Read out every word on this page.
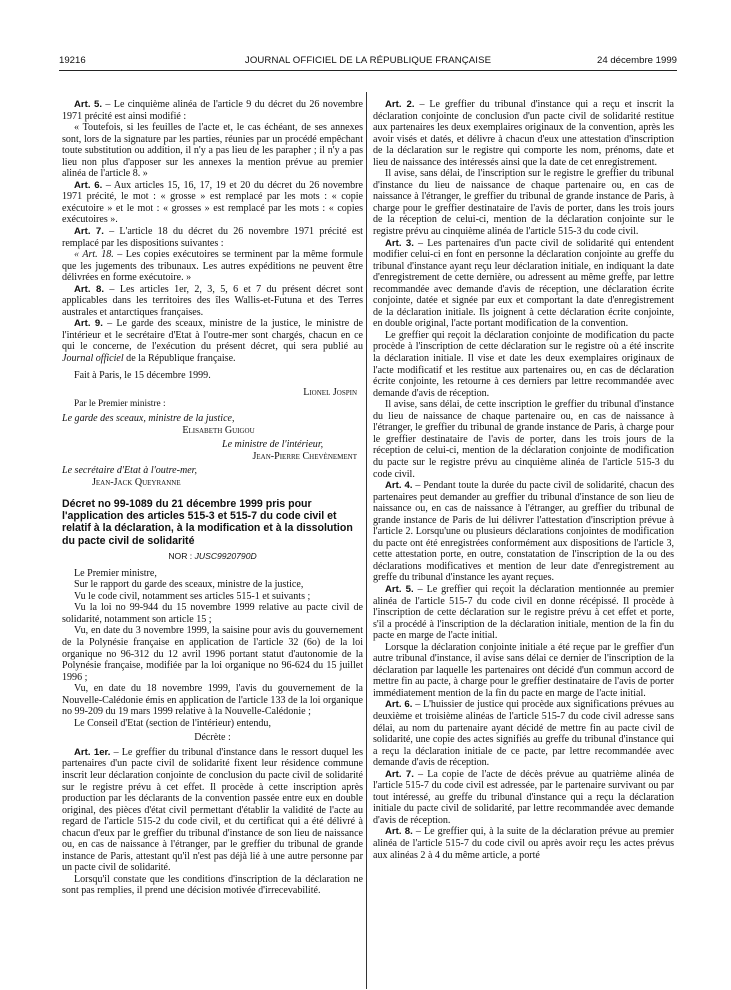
19216	JOURNAL OFFICIEL DE LA RÉPUBLIQUE FRANÇAISE	24 décembre 1999

Art. 5. – Le cinquième alinéa de l'article 9 du décret du 26 novembre 1971 précité est ainsi modifié :

« Toutefois, si les feuilles de l'acte et, le cas échéant, de ses annexes sont, lors de la signature par les parties, réunies par un procédé empêchant toute substitution ou addition, il n'y a pas lieu de les parapher ; il n'y a pas lieu non plus d'apposer sur les annexes la mention prévue au premier alinéa de l'article 8. »

Art. 6. – Aux articles 15, 16, 17, 19 et 20 du décret du 26 novembre 1971 précité, le mot : « grosse » est remplacé par les mots : « copie exécutoire » et le mot : « grosses » est remplacé par les mots : « copies exécutoires ».

Art. 7. – L'article 18 du décret du 26 novembre 1971 précité est remplacé par les dispositions suivantes :

« Art. 18. – Les copies exécutoires se terminent par la même formule que les jugements des tribunaux. Les autres expéditions ne peuvent être délivrées en forme exécutoire. »

Art. 8. – Les articles 1er, 2, 3, 5, 6 et 7 du présent décret sont applicables dans les territoires des îles Wallis-et-Futuna et des Terres australes et antarctiques françaises.

Art. 9. – Le garde des sceaux, ministre de la justice, le ministre de l'intérieur et le secrétaire d'Etat à l'outre-mer sont chargés, chacun en ce qui le concerne, de l'exécution du présent décret, qui sera publié au Journal officiel de la République française.

Fait à Paris, le 15 décembre 1999.

Lionel Jospin

Par le Premier ministre :

Le garde des sceaux, ministre de la justice,

Elisabeth Guigou

Le ministre de l'intérieur,

Jean-Pierre Chevènement

Le secrétaire d'Etat à l'outre-mer,

Jean-Jack Queyranne

Décret no 99-1089 du 21 décembre 1999 pris pour l'application des articles 515-3 et 515-7 du code civil et relatif à la déclaration, à la modification et à la dissolution du pacte civil de solidarité

NOR : JUSC9920790D

Le Premier ministre,

Sur le rapport du garde des sceaux, ministre de la justice,

Vu le code civil, notamment ses articles 515-1 et suivants ;

Vu la loi no 99-944 du 15 novembre 1999 relative au pacte civil de solidarité, notamment son article 15 ;

Vu, en date du 3 novembre 1999, la saisine pour avis du gouvernement de la Polynésie française en application de l'article 32 (6o) de la loi organique no 96-312 du 12 avril 1996 portant statut d'autonomie de la Polynésie française, modifiée par la loi organique no 96-624 du 15 juillet 1996 ;

Vu, en date du 18 novembre 1999, l'avis du gouvernement de la Nouvelle-Calédonie émis en application de l'article 133 de la loi organique no 99-209 du 19 mars 1999 relative à la Nouvelle-Calédonie ;

Le Conseil d'Etat (section de l'intérieur) entendu,

Décrète :

Art. 1er. – Le greffier du tribunal d'instance dans le ressort duquel les partenaires d'un pacte civil de solidarité fixent leur résidence commune inscrit leur déclaration conjointe de conclusion du pacte civil de solidarité sur le registre prévu à cet effet. Il procède à cette inscription après production par les déclarants de la convention passée entre eux en double original, des pièces d'état civil permettant d'établir la validité de l'acte au regard de l'article 515-2 du code civil, et du certificat qui a été délivré à chacun d'eux par le greffier du tribunal d'instance de son lieu de naissance ou, en cas de naissance à l'étranger, par le greffier du tribunal de grande instance de Paris, attestant qu'il n'est pas déjà lié à une autre personne par un pacte civil de solidarité.

Lorsqu'il constate que les conditions d'inscription de la déclaration ne sont pas remplies, il prend une décision motivée d'irrecevabilité.

Art. 2. – Le greffier du tribunal d'instance qui a reçu et inscrit la déclaration conjointe de conclusion d'un pacte civil de solidarité restitue aux partenaires les deux exemplaires originaux de la convention, après les avoir visés et datés, et délivre à chacun d'eux une attestation d'inscription de la déclaration sur le registre qui comporte les nom, prénoms, date et lieu de naissance des intéressés ainsi que la date de cet enregistrement.

Il avise, sans délai, de l'inscription sur le registre le greffier du tribunal d'instance du lieu de naissance de chaque partenaire ou, en cas de naissance à l'étranger, le greffier du tribunal de grande instance de Paris, à charge pour le greffier destinataire de l'avis de porter, dans les trois jours de la réception de celui-ci, mention de la déclaration conjointe sur le registre prévu au cinquième alinéa de l'article 515-3 du code civil.

Art. 3. – Les partenaires d'un pacte civil de solidarité qui entendent modifier celui-ci en font en personne la déclaration conjointe au greffe du tribunal d'instance ayant reçu leur déclaration initiale, en indiquant la date d'enregistrement de cette dernière, ou adressent au même greffe, par lettre recommandée avec demande d'avis de réception, une déclaration écrite conjointe, datée et signée par eux et comportant la date d'enregistrement de la déclaration initiale. Ils joignent à cette déclaration écrite conjointe, en double original, l'acte portant modification de la convention.

Le greffier qui reçoit la déclaration conjointe de modification du pacte procède à l'inscription de cette déclaration sur le registre où a été inscrite la déclaration initiale. Il vise et date les deux exemplaires originaux de l'acte modificatif et les restitue aux partenaires ou, en cas de déclaration écrite conjointe, les retourne à ces derniers par lettre recommandée avec demande d'avis de réception.

Il avise, sans délai, de cette inscription le greffier du tribunal d'instance du lieu de naissance de chaque partenaire ou, en cas de naissance à l'étranger, le greffier du tribunal de grande instance de Paris, à charge pour le greffier destinataire de l'avis de porter, dans les trois jours de la réception de celui-ci, mention de la déclaration conjointe de modification du pacte sur le registre prévu au cinquième alinéa de l'article 515-3 du code civil.

Art. 4. – Pendant toute la durée du pacte civil de solidarité, chacun des partenaires peut demander au greffier du tribunal d'instance de son lieu de naissance ou, en cas de naissance à l'étranger, au greffier du tribunal de grande instance de Paris de lui délivrer l'attestation d'inscription prévue à l'article 2. Lorsqu'une ou plusieurs déclarations conjointes de modification du pacte ont été enregistrées conformément aux dispositions de l'article 3, cette attestation porte, en outre, constatation de l'inscription de la ou des déclarations modificatives et mention de leur date d'enregistrement au greffe du tribunal d'instance les ayant reçues.

Art. 5. – Le greffier qui reçoit la déclaration mentionnée au premier alinéa de l'article 515-7 du code civil en donne récépissé. Il procède à l'inscription de cette déclaration sur le registre prévu à cet effet et porte, s'il a procédé à l'inscription de la déclaration initiale, mention de la fin du pacte en marge de l'acte initial.

Lorsque la déclaration conjointe initiale a été reçue par le greffier d'un autre tribunal d'instance, il avise sans délai ce dernier de l'inscription de la déclaration par laquelle les partenaires ont décidé d'un commun accord de mettre fin au pacte, à charge pour le greffier destinataire de l'avis de porter immédiatement mention de la fin du pacte en marge de l'acte initial.

Art. 6. – L'huissier de justice qui procède aux significations prévues au deuxième et troisième alinéas de l'article 515-7 du code civil adresse sans délai, au nom du partenaire ayant décidé de mettre fin au pacte civil de solidarité, une copie des actes signifiés au greffe du tribunal d'instance qui a reçu la déclaration initiale de ce pacte, par lettre recommandée avec demande d'avis de réception.

Art. 7. – La copie de l'acte de décès prévue au quatrième alinéa de l'article 515-7 du code civil est adressée, par le partenaire survivant ou par tout intéressé, au greffe du tribunal d'instance qui a reçu la déclaration initiale du pacte civil de solidarité, par lettre recommandée avec demande d'avis de réception.

Art. 8. – Le greffier qui, à la suite de la déclaration prévue au premier alinéa de l'article 515-7 du code civil ou après avoir reçu les actes prévus aux alinéas 2 à 4 du même article, a porté
